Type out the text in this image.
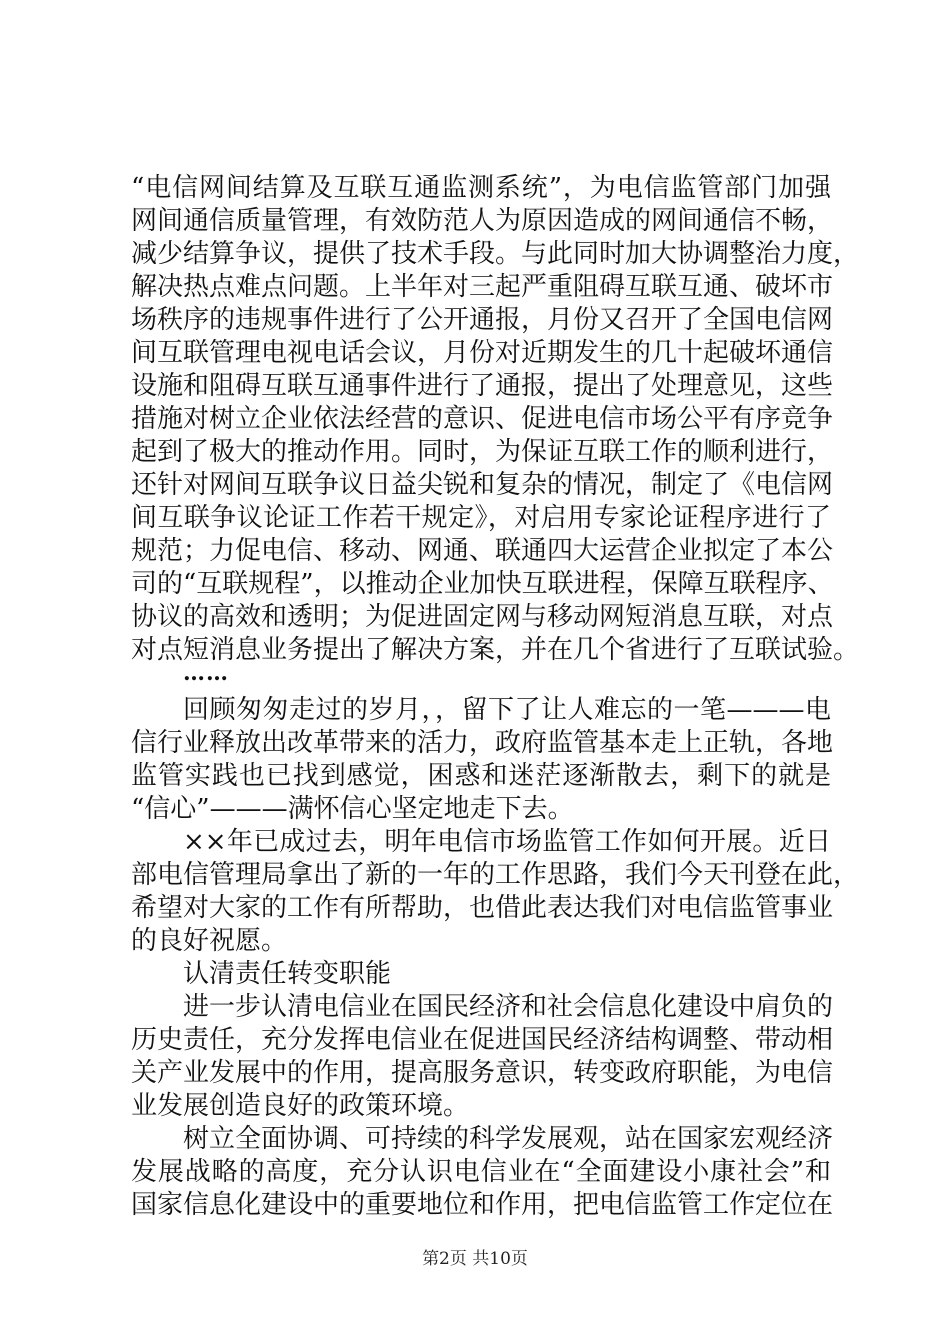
“电信网间结算及互联互通监测系统”，为电信监管部门加强
网间通信质量管理，有效防范人为原因造成的网间通信不畅，
减少结算争议，提供了技术手段。与此同时加大协调整治力度，
解决热点难点问题。上半年对三起严重阻碍互联互通、破坏市
场秩序的违规事件进行了公开通报，月份又召开了全国电信网
间互联管理电视电话会议，月份对近期发生的几十起破坏通信
设施和阻碍互联互通事件进行了通报，提出了处理意见，这些
措施对树立企业依法经营的意识、促进电信市场公平有序竞争
起到了极大的推动作用。同时，为保证互联工作的顺利进行，
还针对网间互联争议日益尖锐和复杂的情况，制定了《电信网
间互联争议论证工作若干规定》，对启用专家论证程序进行了
规范；力促电信、移动、网通、联通四大运营企业拟定了本公
司的“互联规程”，以推动企业加快互联进程，保障互联程序、
协议的高效和透明；为促进固定网与移动网短消息互联，对点
对点短消息业务提出了解决方案，并在几个省进行了互联试验。
……
回顾匆匆走过的岁月，，留下了让人难忘的一笔———电
信行业释放出改革带来的活力，政府监管基本走上正轨，各地
监管实践也已找到感觉，困惑和迷茫逐渐散去，剩下的就是
“信心”———满怀信心坚定地走下去。
××年已成过去，明年电信市场监管工作如何开展。近日
部电信管理局拿出了新的一年的工作思路，我们今天刊登在此，
希望对大家的工作有所帮助，也借此表达我们对电信监管事业
的良好祝愿。
认清责任转变职能
进一步认清电信业在国民经济和社会信息化建设中肩负的
历史责任，充分发挥电信业在促进国民经济结构调整、带动相
关产业发展中的作用，提高服务意识，转变政府职能，为电信
业发展创造良好的政策环境。
树立全面协调、可持续的科学发展观，站在国家宏观经济
发展战略的高度，充分认识电信业在“全面建设小康社会”和
国家信息化建设中的重要地位和作用，把电信监管工作定位在
第2页 共10页
